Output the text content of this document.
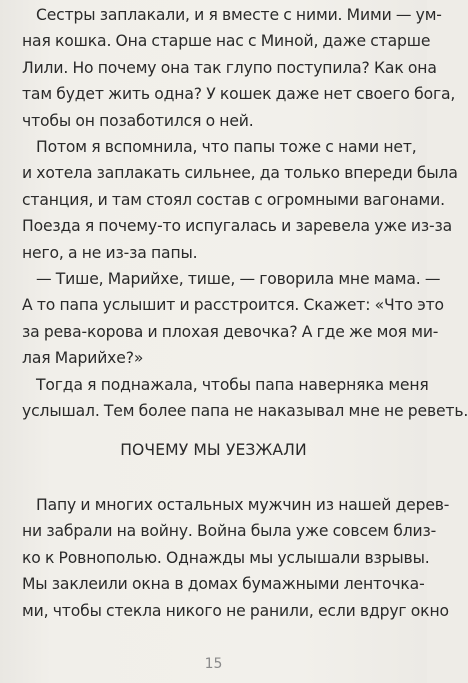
Сестры заплакали, и я вместе с ними. Мими — ум-
ная кошка. Она старше нас с Миной, даже старше
Лили. Но почему она так глупо поступила? Как она
там будет жить одна? У кошек даже нет своего бога,
чтобы он позаботился о ней.
Потом я вспомнила, что папы тоже с нами нет,
и хотела заплакать сильнее, да только впереди была
станция, и там стоял состав с огромными вагонами.
Поезда я почему-то испугалась и заревела уже из-за
него, а не из-за папы.
— Тише, Марийхе, тише, — говорила мне мама. —
А то папа услышит и расстроится. Скажет: «Что это
за рева-корова и плохая девочка? А где же моя ми-
лая Марийхе?»
Тогда я поднажала, чтобы папа наверняка меня
услышал. Тем более папа не наказывал мне не реветь.
ПОЧЕМУ МЫ УЕЗЖАЛИ
Папу и многих остальных мужчин из нашей дерев-
ни забрали на войну. Война была уже совсем близ-
ко к Ровнополью. Однажды мы услышали взрывы.
Мы заклеили окна в домах бумажными ленточка-
ми, чтобы стекла никого не ранили, если вдруг окно
15
